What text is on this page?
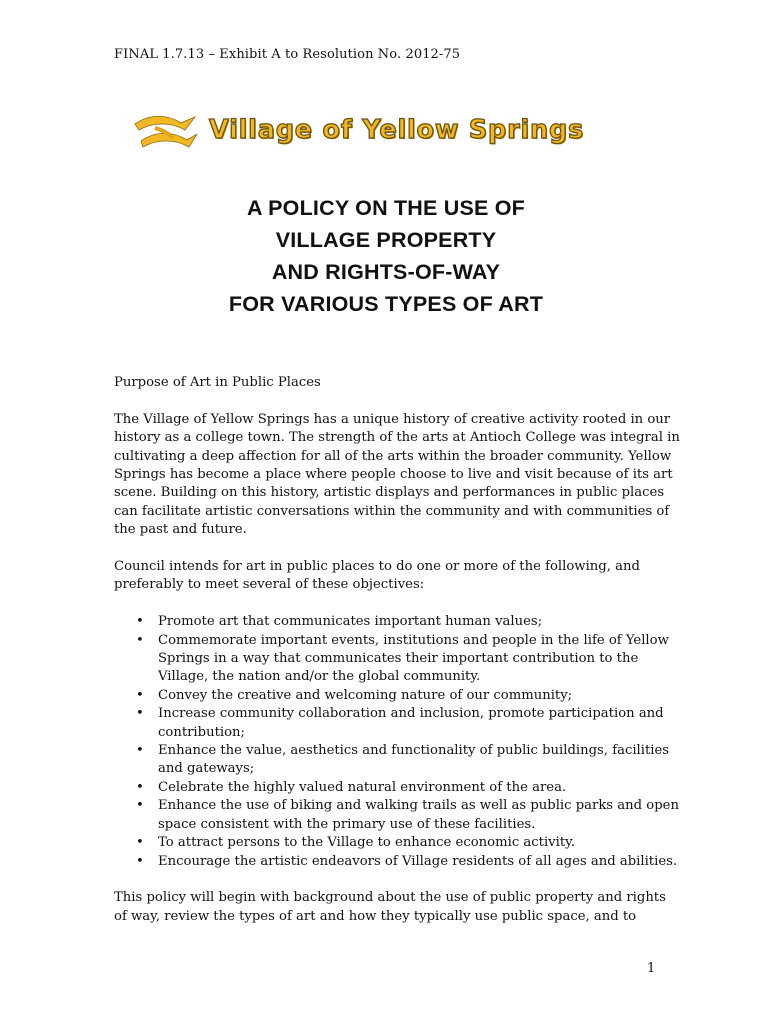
FINAL 1.7.13 – Exhibit A to Resolution No. 2012-75
Village of Yellow Springs
A POLICY ON THE USE OF
VILLAGE PROPERTY
AND RIGHTS-OF-WAY
FOR VARIOUS TYPES OF ART

Purpose of Art in Public Places

The Village of Yellow Springs has a unique history of creative activity rooted in our
history as a college town. The strength of the arts at Antioch College was integral in
cultivating a deep affection for all of the arts within the broader community. Yellow
Springs has become a place where people choose to live and visit because of its art
scene. Building on this history, artistic displays and performances in public places
can facilitate artistic conversations within the community and with communities of
the past and future.

Council intends for art in public places to do one or more of the following, and
preferably to meet several of these objectives:

• Promote art that communicates important human values;
• Commemorate important events, institutions and people in the life of Yellow
Springs in a way that communicates their important contribution to the
Village, the nation and/or the global community.
• Convey the creative and welcoming nature of our community;
• Increase community collaboration and inclusion, promote participation and
contribution;
• Enhance the value, aesthetics and functionality of public buildings, facilities
and gateways;
• Celebrate the highly valued natural environment of the area.
• Enhance the use of biking and walking trails as well as public parks and open
space consistent with the primary use of these facilities.
• To attract persons to the Village to enhance economic activity.
• Encourage the artistic endeavors of Village residents of all ages and abilities.

This policy will begin with background about the use of public property and rights
of way, review the types of art and how they typically use public space, and to

1
